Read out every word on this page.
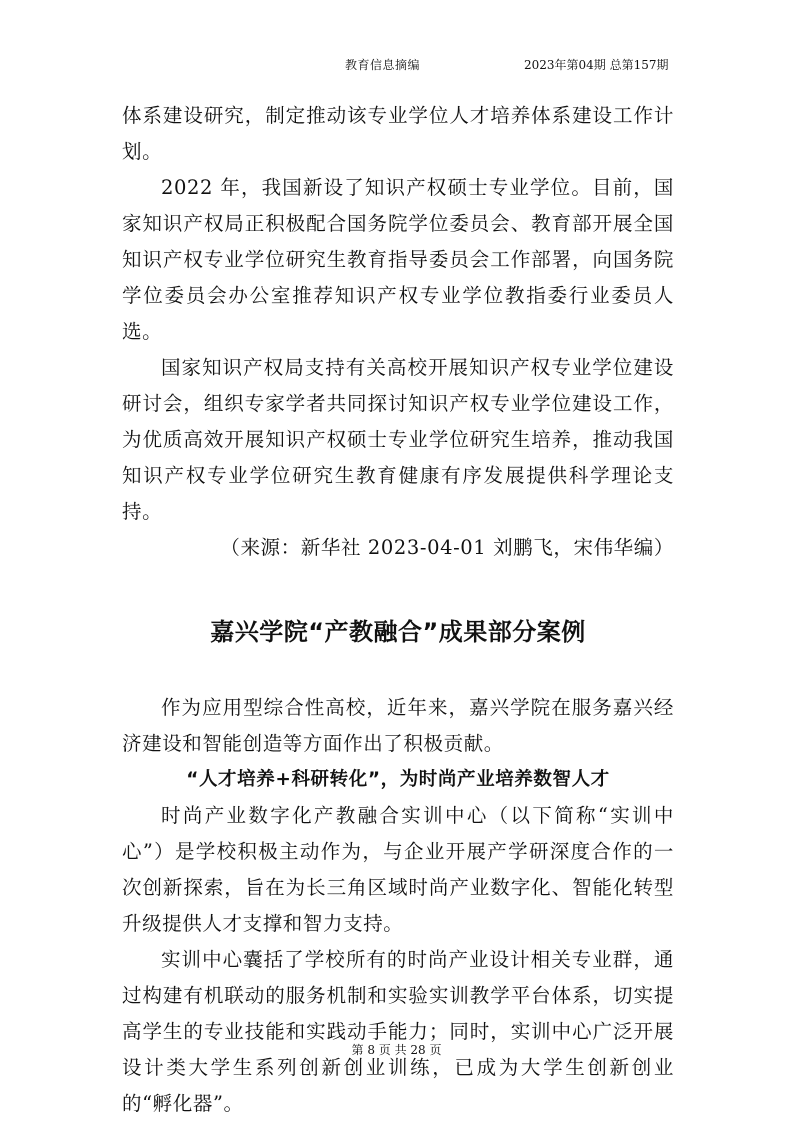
教育信息摘编	2023年第04期 总第157期

体系建设研究，制定推动该专业学位人才培养体系建设工作计划。

2022 年，我国新设了知识产权硕士专业学位。目前，国家知识产权局正积极配合国务院学位委员会、教育部开展全国知识产权专业学位研究生教育指导委员会工作部署，向国务院学位委员会办公室推荐知识产权专业学位教指委行业委员人选。

国家知识产权局支持有关高校开展知识产权专业学位建设研讨会，组织专家学者共同探讨知识产权专业学位建设工作，为优质高效开展知识产权硕士专业学位研究生培养，推动我国知识产权专业学位研究生教育健康有序发展提供科学理论支持。

（来源：新华社 2023-04-01 刘鹏飞，宋伟华编）

嘉兴学院“产教融合”成果部分案例

作为应用型综合性高校，近年来，嘉兴学院在服务嘉兴经济建设和智能创造等方面作出了积极贡献。

“人才培养+科研转化”，为时尚产业培养数智人才

时尚产业数字化产教融合实训中心（以下简称“实训中心”）是学校积极主动作为，与企业开展产学研深度合作的一次创新探索，旨在为长三角区域时尚产业数字化、智能化转型升级提供人才支撑和智力支持。

实训中心囊括了学校所有的时尚产业设计相关专业群，通过构建有机联动的服务机制和实验实训教学平台体系，切实提高学生的专业技能和实践动手能力；同时，实训中心广泛开展设计类大学生系列创新创业训练，已成为大学生创新创业的“孵化器”。

第 8 页 共 28 页
